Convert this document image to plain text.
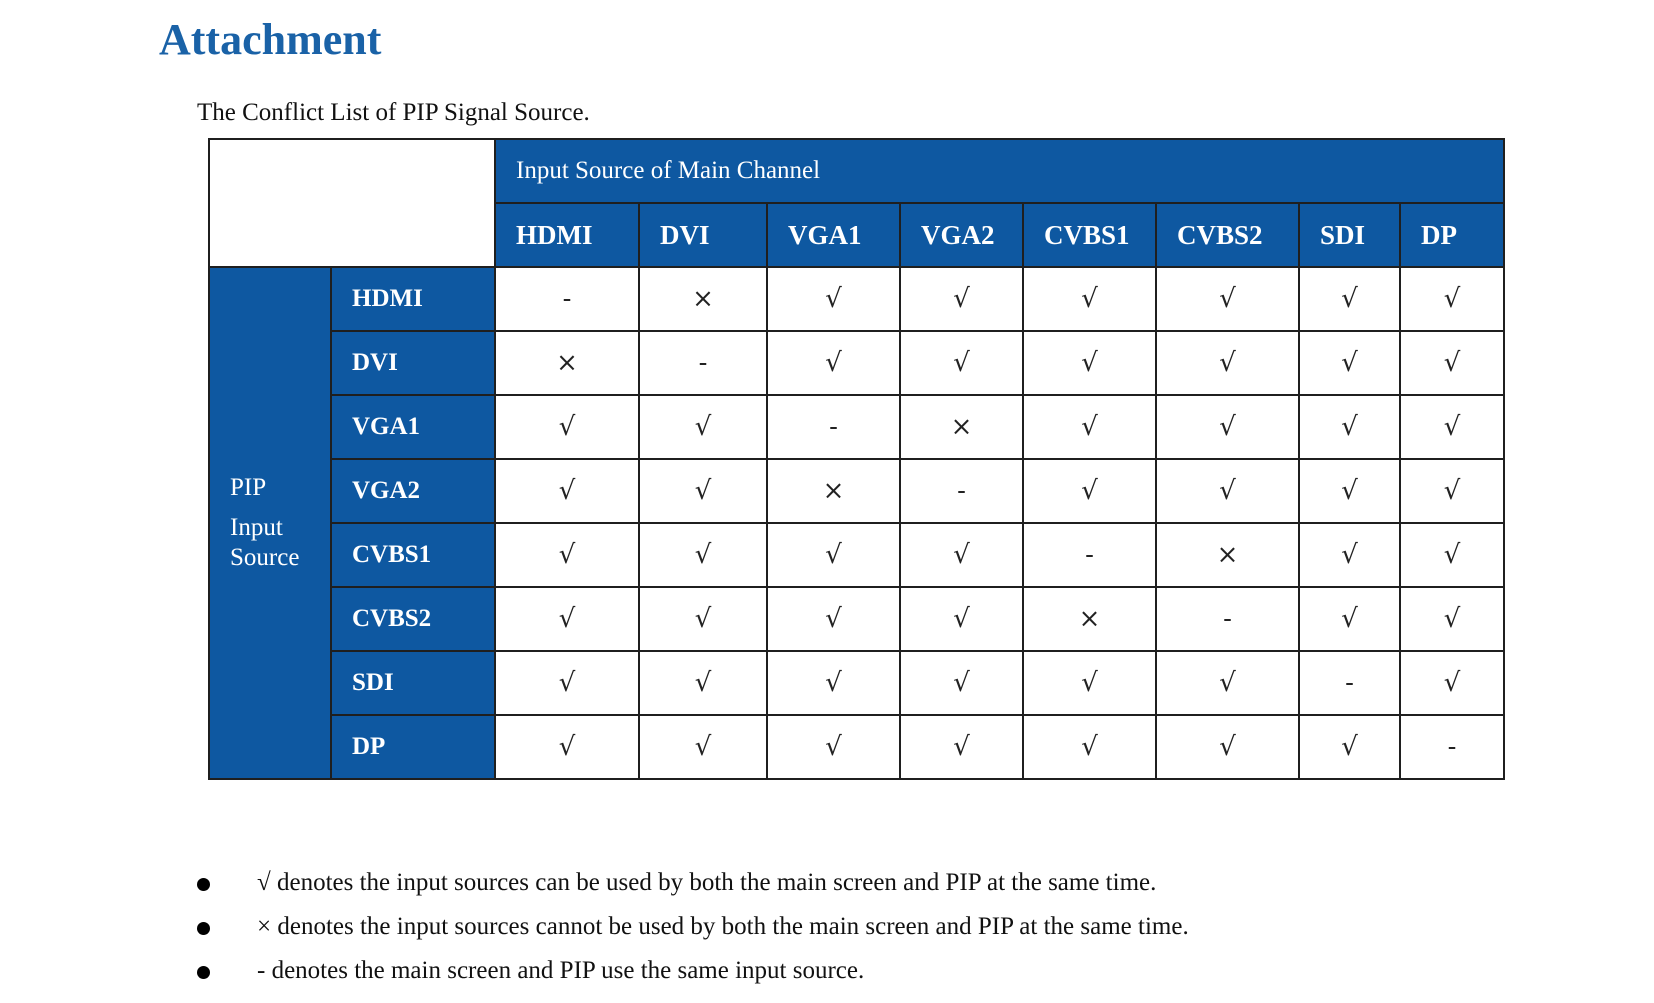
Attachment
The Conflict List of PIP Signal Source.
		Input Source of Main Channel							
		HDMI	DVI	VGA1	VGA2	CVBS1	CVBS2	SDI	DP

PIP
Input
Source	HDMI	-	×	√	√	√	√	√	√
	DVI	×	-	√	√	√	√	√	√
	VGA1	√	√	-	×	√	√	√	√
	VGA2	√	√	×	-	√	√	√	√
	CVBS1	√	√	√	√	-	×	√	√
	CVBS2	√	√	√	√	×	-	√	√
	SDI	√	√	√	√	√	√	-	√
	DP	√	√	√	√	√	√	√	-
√ denotes the input sources can be used by both the main screen and PIP at the same time.
× denotes the input sources cannot be used by both the main screen and PIP at the same time.
- denotes the main screen and PIP use the same input source.
